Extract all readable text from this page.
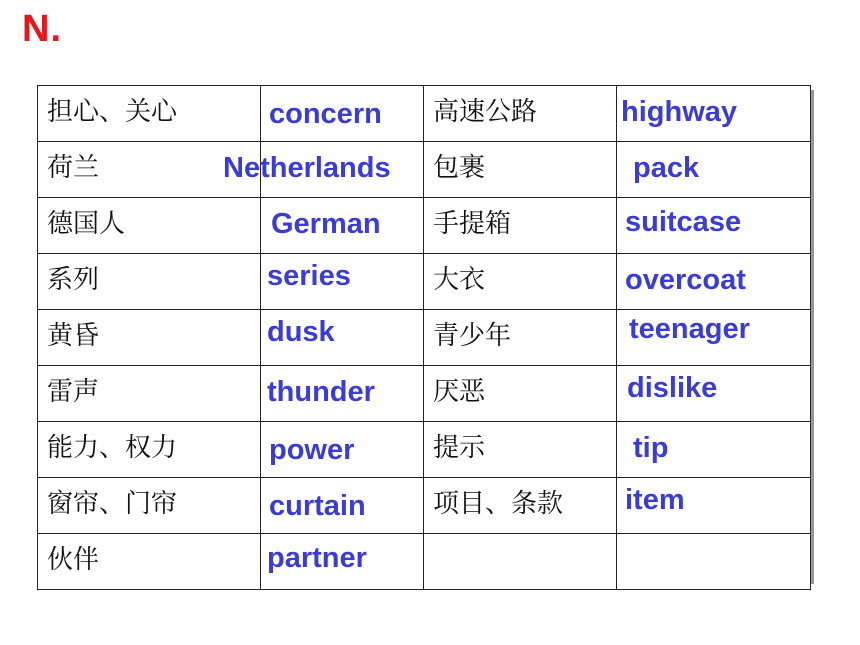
N.
担心、关心	concern	高速公路	highway

荷兰	Netherlands	包裹	pack

德国人	German	手提箱	suitcase

系列	series	大衣	overcoat

黄昏	dusk	青少年	teenager

雷声	thunder	厌恶	dislike

能力、权力	power	提示	tip

窗帘、门帘	curtain	项目、条款	item

伙伴	partner		
